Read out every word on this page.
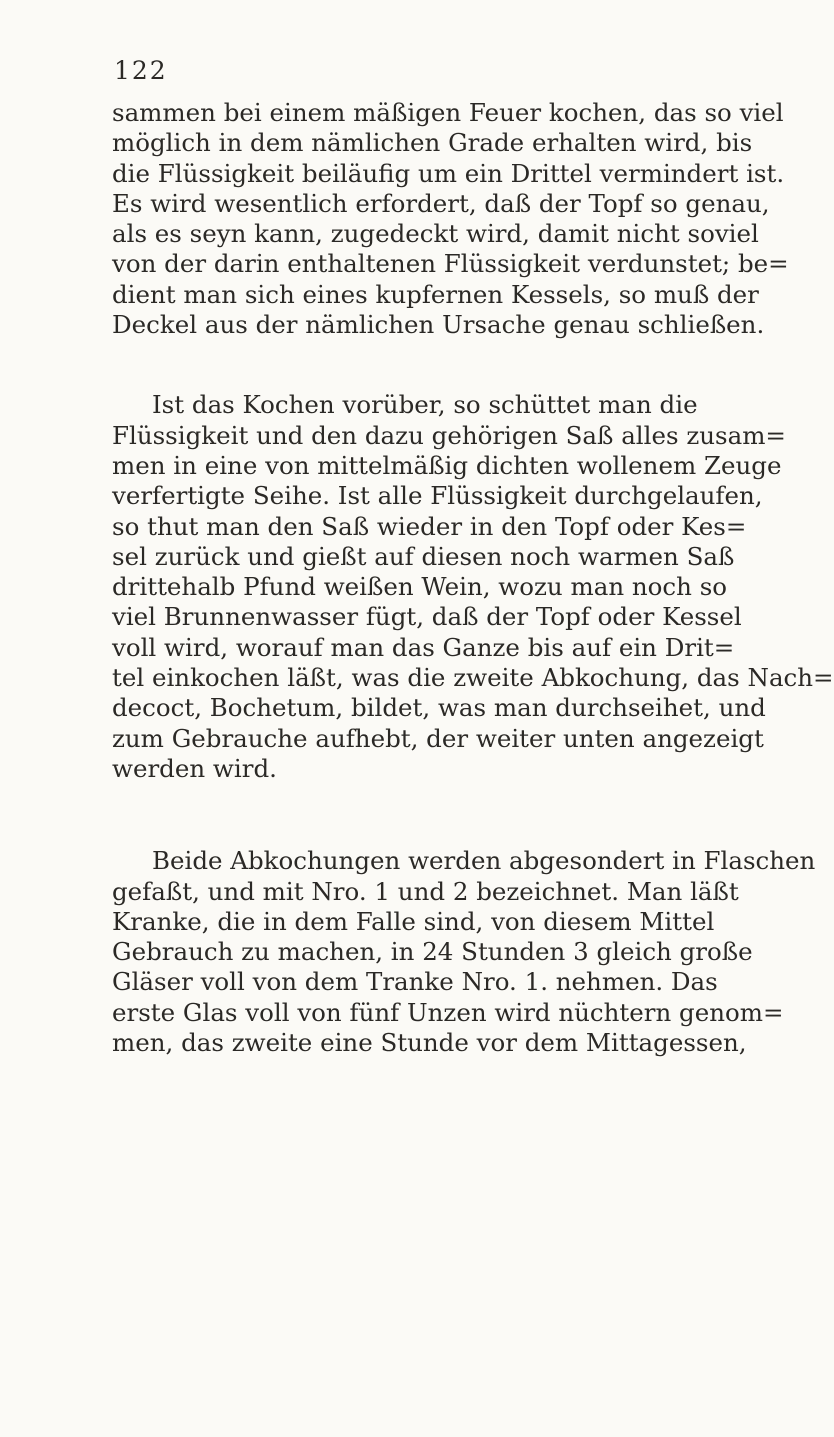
122

sammen bei einem mäßigen Feuer kochen, das so viel
möglich in dem nämlichen Grade erhalten wird, bis
die Flüssigkeit beiläufig um ein Drittel vermindert ist.
Es wird wesentlich erfordert, daß der Topf so genau,
als es seyn kann, zugedeckt wird, damit nicht soviel
von der darin enthaltenen Flüssigkeit verdunstet; be=
dient man sich eines kupfernen Kessels, so muß der
Deckel aus der nämlichen Ursache genau schließen.

Ist das Kochen vorüber, so schüttet man die
Flüssigkeit und den dazu gehörigen Saß alles zusam=
men in eine von mittelmäßig dichten wollenem Zeuge
verfertigte Seihe. Ist alle Flüssigkeit durchgelaufen,
so thut man den Saß wieder in den Topf oder Kes=
sel zurück und gießt auf diesen noch warmen Saß
drittehalb Pfund weißen Wein, wozu man noch so
viel Brunnenwasser fügt, daß der Topf oder Kessel
voll wird, worauf man das Ganze bis auf ein Drit=
tel einkochen läßt, was die zweite Abkochung, das Nach=
decoct, Bochetum, bildet, was man durchseihet, und
zum Gebrauche aufhebt, der weiter unten angezeigt
werden wird.

Beide Abkochungen werden abgesondert in Flaschen
gefaßt, und mit Nro. 1 und 2 bezeichnet. Man läßt
Kranke, die in dem Falle sind, von diesem Mittel
Gebrauch zu machen, in 24 Stunden 3 gleich große
Gläser voll von dem Tranke Nro. 1. nehmen. Das
erste Glas voll von fünf Unzen wird nüchtern genom=
men, das zweite eine Stunde vor dem Mittagessen,
